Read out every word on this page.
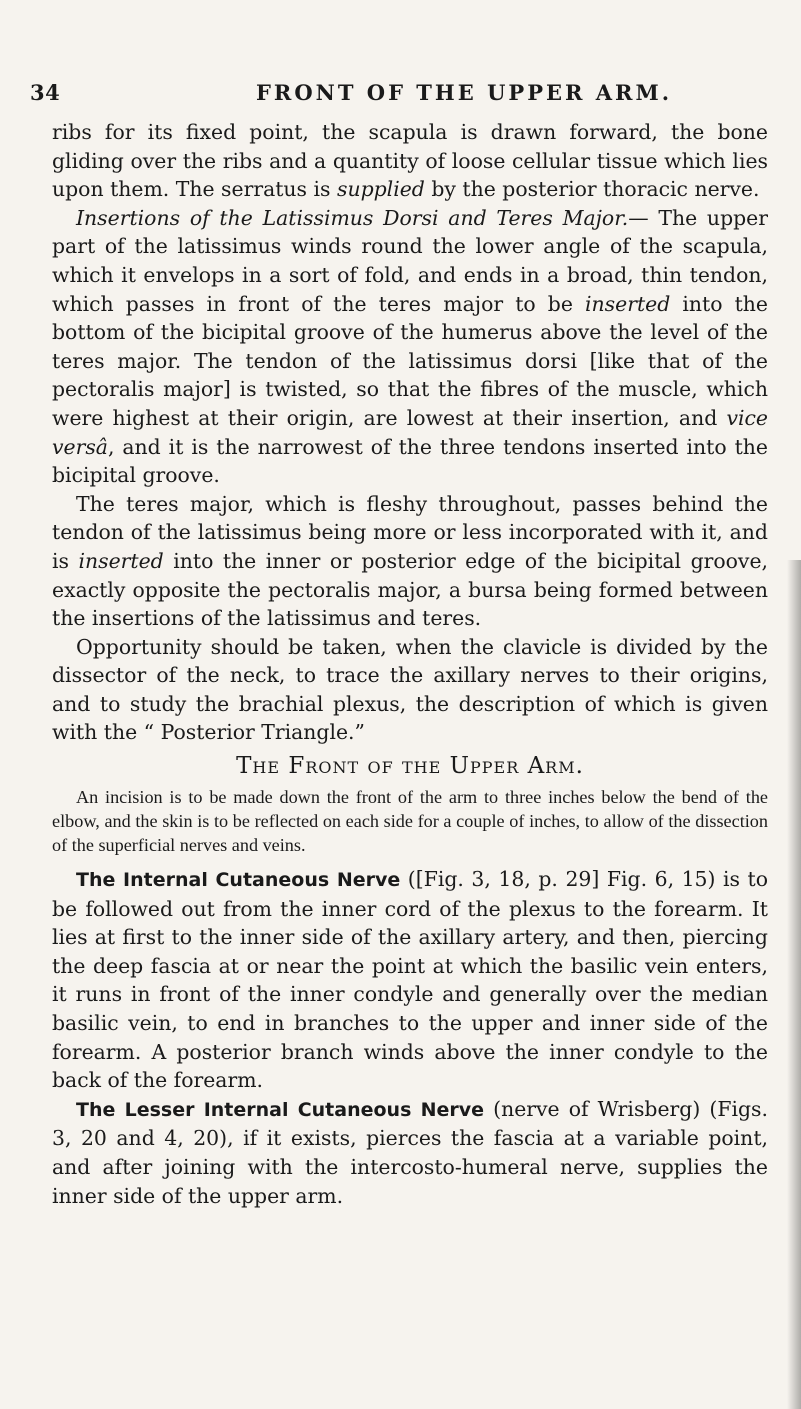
34	FRONT OF THE UPPER ARM.

ribs for its fixed point, the scapula is drawn forward, the bone gliding over the ribs and a quantity of loose cellular tissue which lies upon them. The serratus is supplied by the posterior thoracic nerve.

Insertions of the Latissimus Dorsi and Teres Major.— The upper part of the latissimus winds round the lower angle of the scapula, which it envelops in a sort of fold, and ends in a broad, thin tendon, which passes in front of the teres major to be inserted into the bottom of the bicipital groove of the humerus above the level of the teres major. The tendon of the latissimus dorsi [like that of the pectoralis major] is twisted, so that the fibres of the muscle, which were highest at their origin, are lowest at their insertion, and vice versâ, and it is the narrowest of the three tendons inserted into the bicipital groove.

The teres major, which is fleshy throughout, passes behind the tendon of the latissimus being more or less incorporated with it, and is inserted into the inner or posterior edge of the bicipital groove, exactly opposite the pectoralis major, a bursa being formed between the insertions of the latissimus and teres.

Opportunity should be taken, when the clavicle is divided by the dissector of the neck, to trace the axillary nerves to their origins, and to study the brachial plexus, the description of which is given with the “ Posterior Triangle.”

The Front of the Upper Arm.

An incision is to be made down the front of the arm to three inches below the bend of the elbow, and the skin is to be reflected on each side for a couple of inches, to allow of the dissection of the superficial nerves and veins.

The Internal Cutaneous Nerve ([Fig. 3, 18, p. 29] Fig. 6, 15) is to be followed out from the inner cord of the plexus to the forearm. It lies at first to the inner side of the axillary artery, and then, piercing the deep fascia at or near the point at which the basilic vein enters, it runs in front of the inner condyle and generally over the median basilic vein, to end in branches to the upper and inner side of the forearm. A posterior branch winds above the inner condyle to the back of the forearm.

The Lesser Internal Cutaneous Nerve (nerve of Wrisberg) (Figs. 3, 20 and 4, 20), if it exists, pierces the fascia at a variable point, and after joining with the intercosto-humeral nerve, supplies the inner side of the upper arm.
